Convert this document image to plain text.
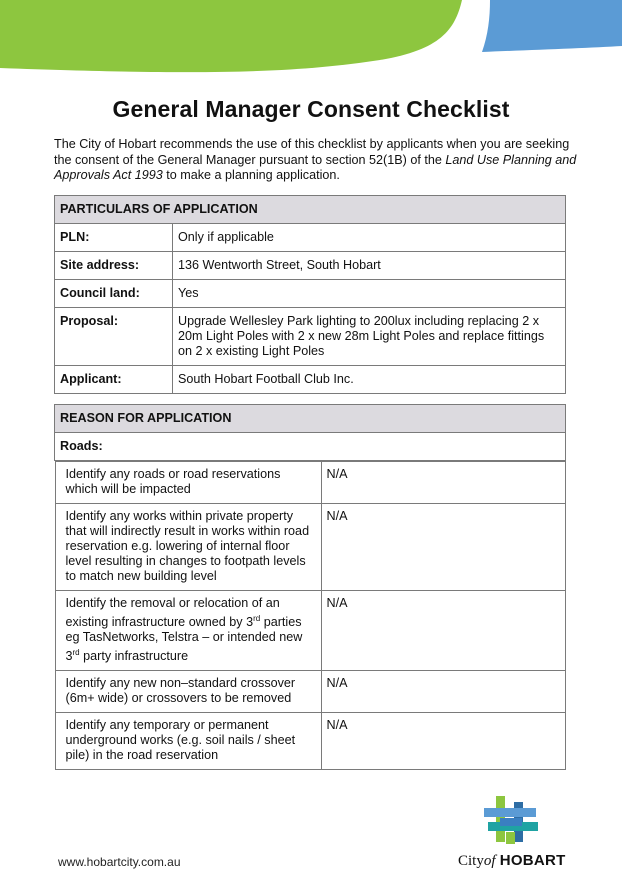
General Manager Consent Checklist

The City of Hobart recommends the use of this checklist by applicants when you are seeking the consent of the General Manager pursuant to section 52(1B) of the Land Use Planning and Approvals Act 1993 to make a planning application.

PARTICULARS OF APPLICATION	
PLN:	Only if applicable
Site address:	136 Wentworth Street, South Hobart
Council land:	Yes
Proposal:	Upgrade Wellesley Park lighting to 200lux including replacing 2 x 20m Light Poles with 2 x new 28m Light Poles and replace fittings on 2 x existing Light Poles
Applicant:	South Hobart Football Club Inc.
REASON FOR APPLICATION
Roads:

Identify any roads or road reservations which will be impacted	N/A
Identify any works within private property that will indirectly result in works within road reservation e.g. lowering of internal floor level resulting in changes to footpath levels to match new building level	N/A
Identify the removal or relocation of an existing infrastructure owned by 3rd parties eg TasNetworks, Telstra – or intended new 3rd party infrastructure	N/A
Identify any new non–standard crossover (6m+ wide) or crossovers to be removed	N/A
Identify any temporary or permanent underground works (e.g. soil nails / sheet pile) in the road reservation	N/A
www.hobartcity.com.au	Cityof HOBART
